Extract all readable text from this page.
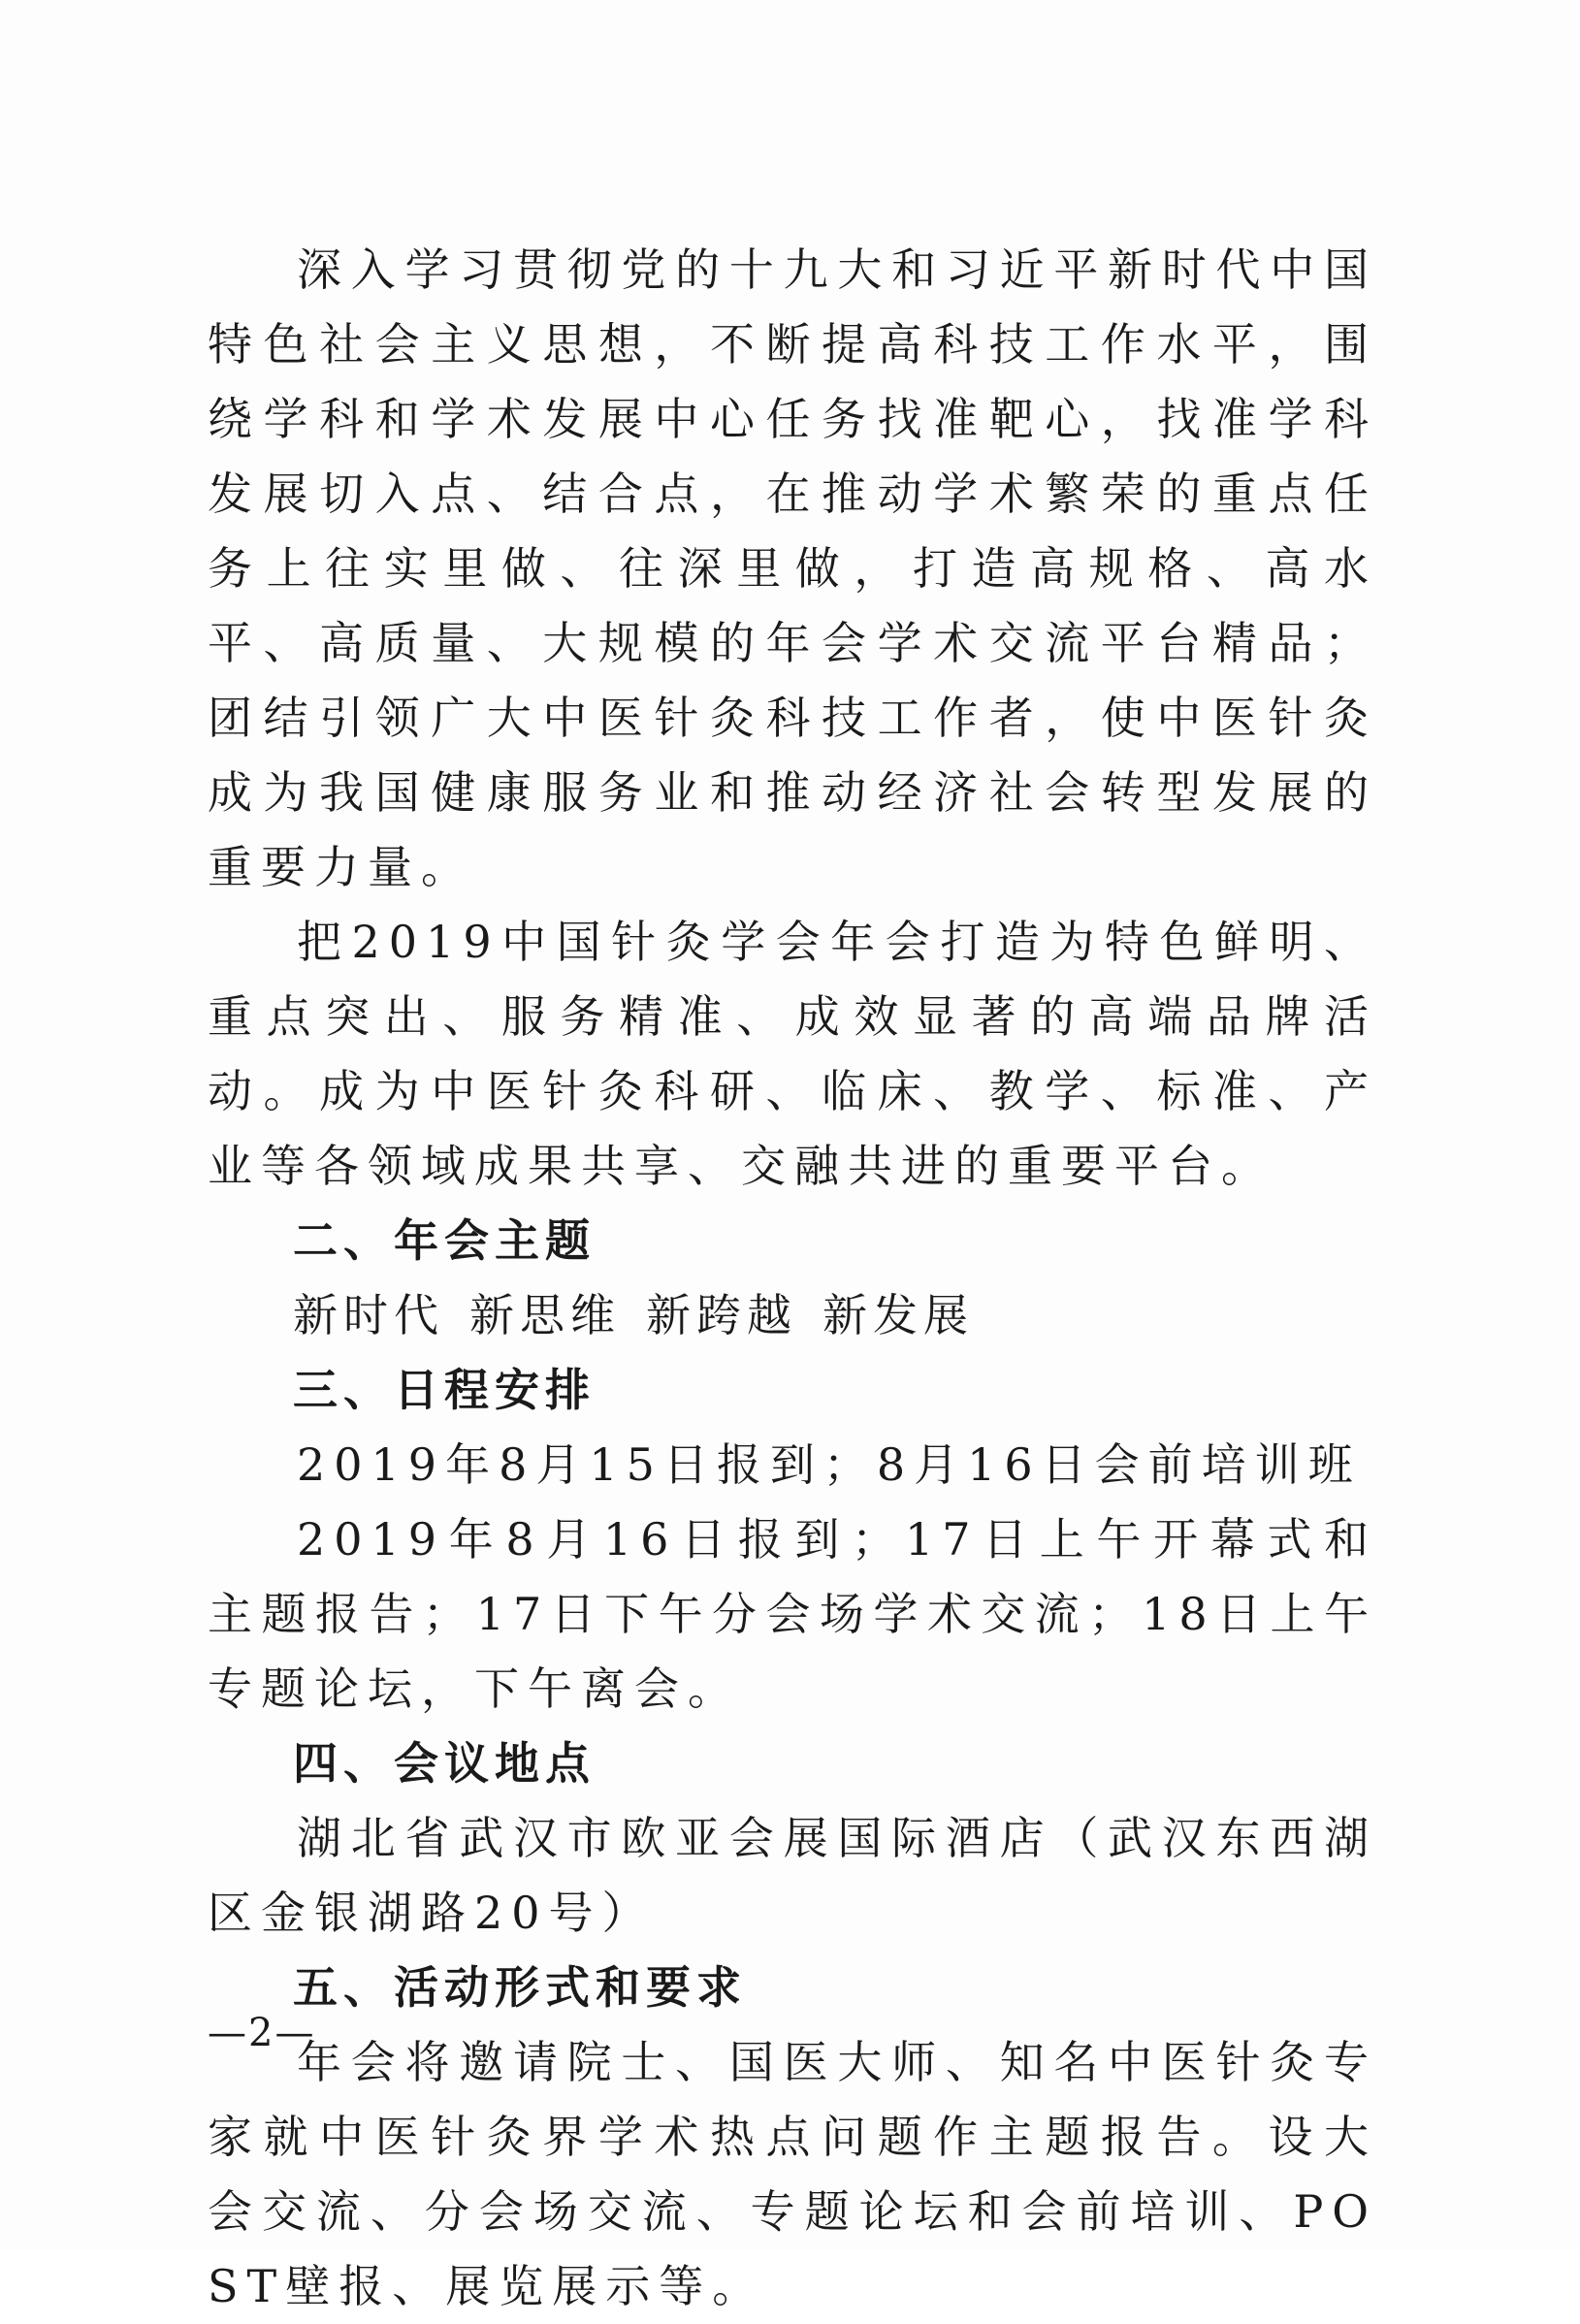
深入学习贯彻党的十九大和习近平新时代中国特色社会主义思想，不断提高科技工作水平，围绕学科和学术发展中心任务找准靶心，找准学科发展切入点、结合点，在推动学术繁荣的重点任务上往实里做、往深里做，打造高规格、高水平、高质量、大规模的年会学术交流平台精品；团结引领广大中医针灸科技工作者，使中医针灸成为我国健康服务业和推动经济社会转型发展的重要力量。

把2019中国针灸学会年会打造为特色鲜明、重点突出、服务精准、成效显著的高端品牌活动。成为中医针灸科研、临床、教学、标准、产业等各领域成果共享、交融共进的重要平台。

二、年会主题

新时代 新思维 新跨越 新发展

三、日程安排

2019年8月15日报到；8月16日会前培训班

2019年8月16日报到；17日上午开幕式和主题报告；17日下午分会场学术交流；18日上午专题论坛，下午离会。

四、会议地点

湖北省武汉市欧亚会展国际酒店（武汉东西湖区金银湖路20号）

五、活动形式和要求

年会将邀请院士、国医大师、知名中医针灸专家就中医针灸界学术热点问题作主题报告。设大会交流、分会场交流、专题论坛和会前培训、POST壁报、展览展示等。

—2—
